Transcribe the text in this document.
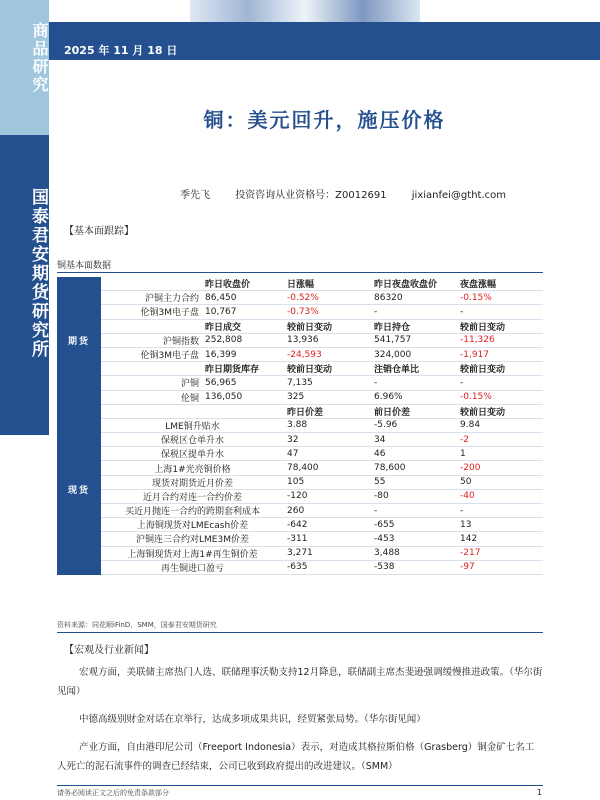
商品研究
国泰君安期货研究所
2025 年 11 月 18 日
铜：美元回升，施压价格
季先飞	投资咨询从业资格号：Z0012691	jixianfei@gtht.com
【基本面跟踪】
铜基本面数据
期货		昨日收盘价	日涨幅	昨日夜盘收盘价	夜盘涨幅
	沪铜主力合约	86,450	-0.52%	86320	-0.15%
	伦铜3M电子盘	10,767	-0.73%	-	-
		昨日成交	较前日变动	昨日持仓	较前日变动
	沪铜指数	252,808	13,936	541,757	-11,326
	伦铜3M电子盘	16,399	-24,593	324,000	-1,917
		昨日期货库存	较前日变动	注销仓单比	较前日变动
	沪铜	56,965	7,135	-	-
	伦铜	136,050	325	6.96%	-0.15%
现货			昨日价差	前日价差	较前日变动
	LME铜升贴水		3.88	-5.96	9.84
	保税区仓单升水		32	34	-2
	保税区提单升水		47	46	1
	上海1#光亮铜价格		78,400	78,600	-200
	现货对期货近月价差		105	55	50
	近月合约对连一合约价差		-120	-80	-40
	买近月抛连一合约的跨期套利成本		260	-	-
	上海铜现货对LMEcash价差		-642	-655	13
	沪铜连三合约对LME3M价差		-311	-453	142
	上海铜现货对上海1#再生铜价差		3,271	3,488	-217
	再生铜进口盈亏		-635	-538	-97
资料来源：同花顺iFinD，SMM，国泰君安期货研究
【宏观及行业新闻】

宏观方面，美联储主席热门人选、联储理事沃勒支持12月降息，联储副主席杰斐逊强调缓慢推进政策。（华尔街见闻）

中德高级别财金对话在京举行，达成多项成果共识，经贸紧张局势。（华尔街见闻）

产业方面，自由港印尼公司（Freeport Indonesia）表示，对造成其格拉斯伯格（Grasberg）铜金矿七名工人死亡的泥石流事件的调查已经结束，公司已收到政府提出的改进建议。（SMM）

请务必阅读正文之后的免责条款部分	1
